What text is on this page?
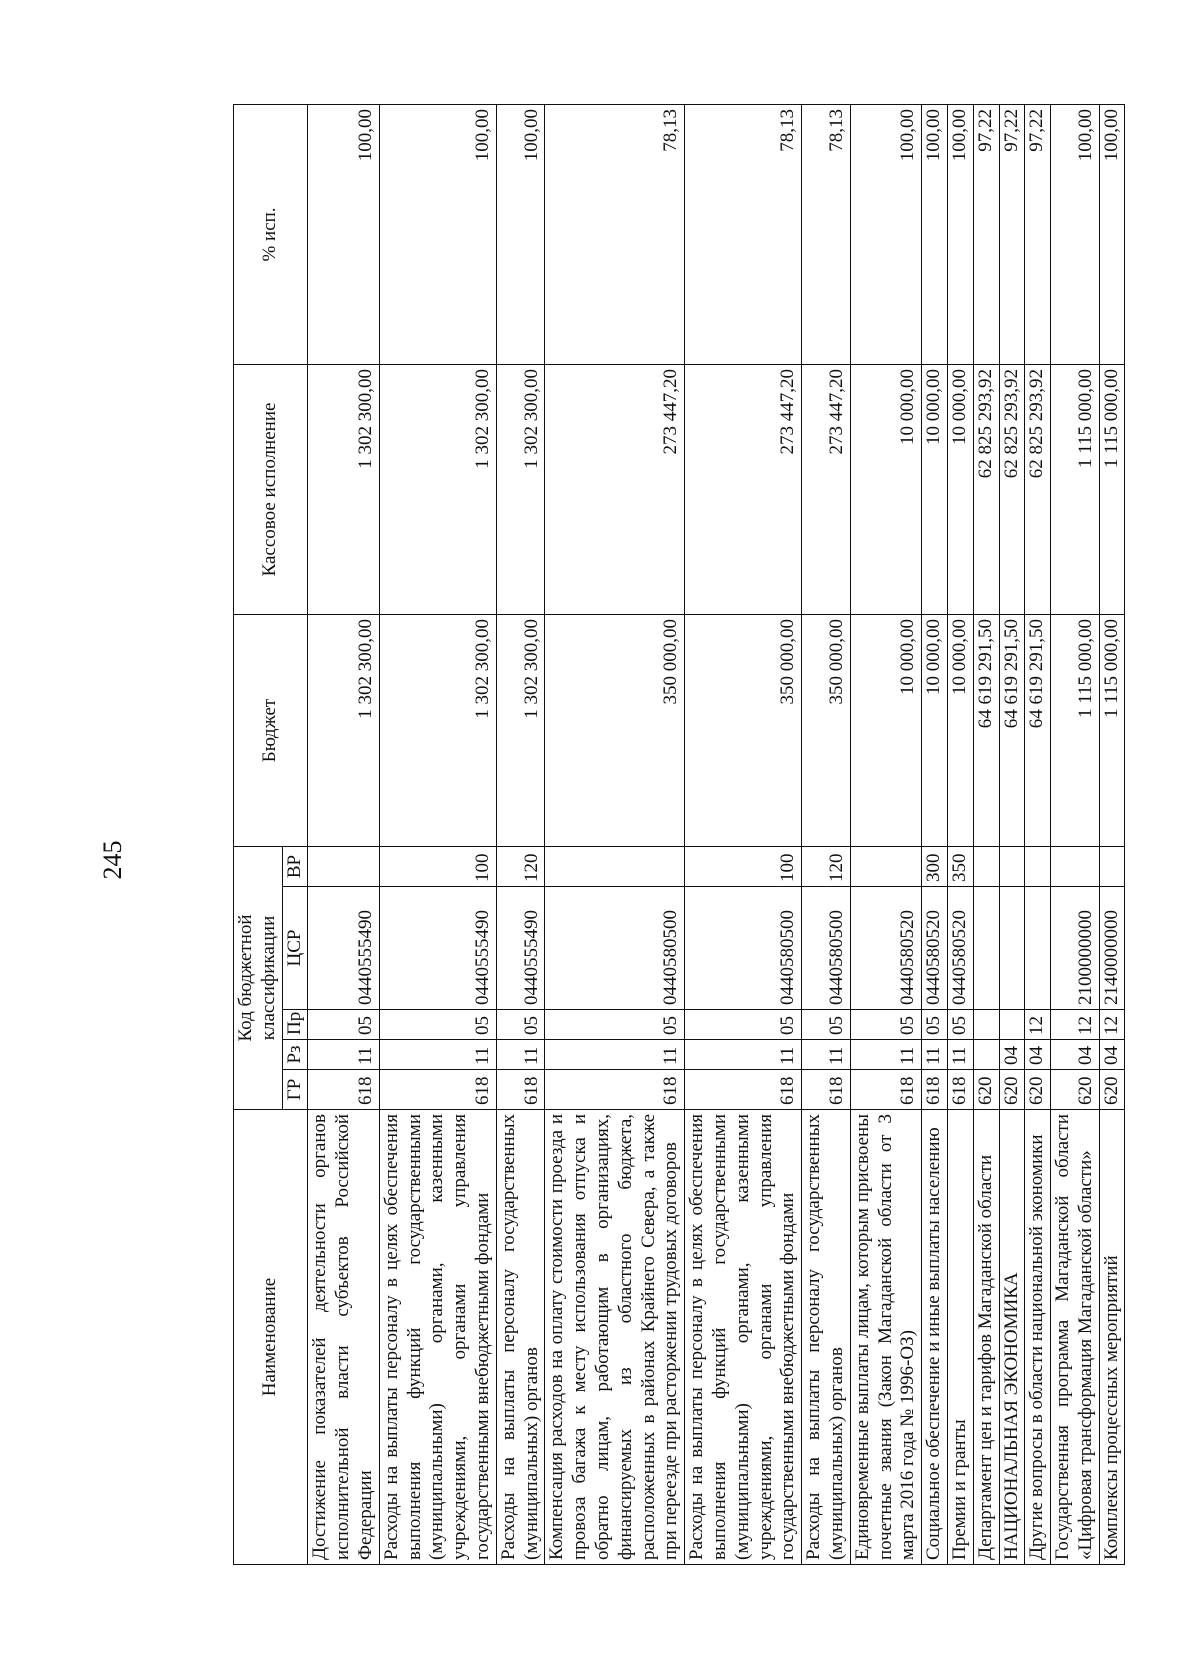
245
Наименование	Код бюджетной классификации					Бюджет	Кассовое исполнение	% исп.
	ГР	Рз	Пр	ЦСР	ВР			
Достижение показателей деятельности органов исполнительной власти субъектов Российской Федерации	618	11	05	0440555490		1 302 300,00	1 302 300,00	100,00
Расходы на выплаты персоналу в целях обеспечения выполнения функций государственными (муниципальными) органами, казенными учреждениями, органами управления государственными внебюджетными фондами	618	11	05	0440555490	100	1 302 300,00	1 302 300,00	100,00
Расходы на выплаты персоналу государственных (муниципальных) органов	618	11	05	0440555490	120	1 302 300,00	1 302 300,00	100,00
Компенсация расходов на оплату стоимости проезда и провоза багажа к месту использования отпуска и обратно лицам, работающим в организациях, финансируемых из областного бюджета, расположенных в районах Крайнего Севера, а также при переезде при расторжении трудовых договоров	618	11	05	0440580500		350 000,00	273 447,20	78,13
Расходы на выплаты персоналу в целях обеспечения выполнения функций государственными (муниципальными) органами, казенными учреждениями, органами управления государственными внебюджетными фондами	618	11	05	0440580500	100	350 000,00	273 447,20	78,13
Расходы на выплаты персоналу государственных (муниципальных) органов	618	11	05	0440580500	120	350 000,00	273 447,20	78,13
Единовременные выплаты лицам, которым присвоены почетные звания (Закон Магаданской области от 3 марта 2016 года № 1996-ОЗ)	618	11	05	0440580520		10 000,00	10 000,00	100,00
Социальное обеспечение и иные выплаты населению	618	11	05	0440580520	300	10 000,00	10 000,00	100,00
Премии и гранты	618	11	05	0440580520	350	10 000,00	10 000,00	100,00
Департамент цен и тарифов Магаданской области	620					64 619 291,50	62 825 293,92	97,22
НАЦИОНАЛЬНАЯ ЭКОНОМИКА	620	04				64 619 291,50	62 825 293,92	97,22
Другие вопросы в области национальной экономики	620	04	12			64 619 291,50	62 825 293,92	97,22
Государственная программа Магаданской области «Цифровая трансформация Магаданской области»	620	04	12	2100000000		1 115 000,00	1 115 000,00	100,00
Комплексы процессных мероприятий	620	04	12	2140000000		1 115 000,00	1 115 000,00	100,00
